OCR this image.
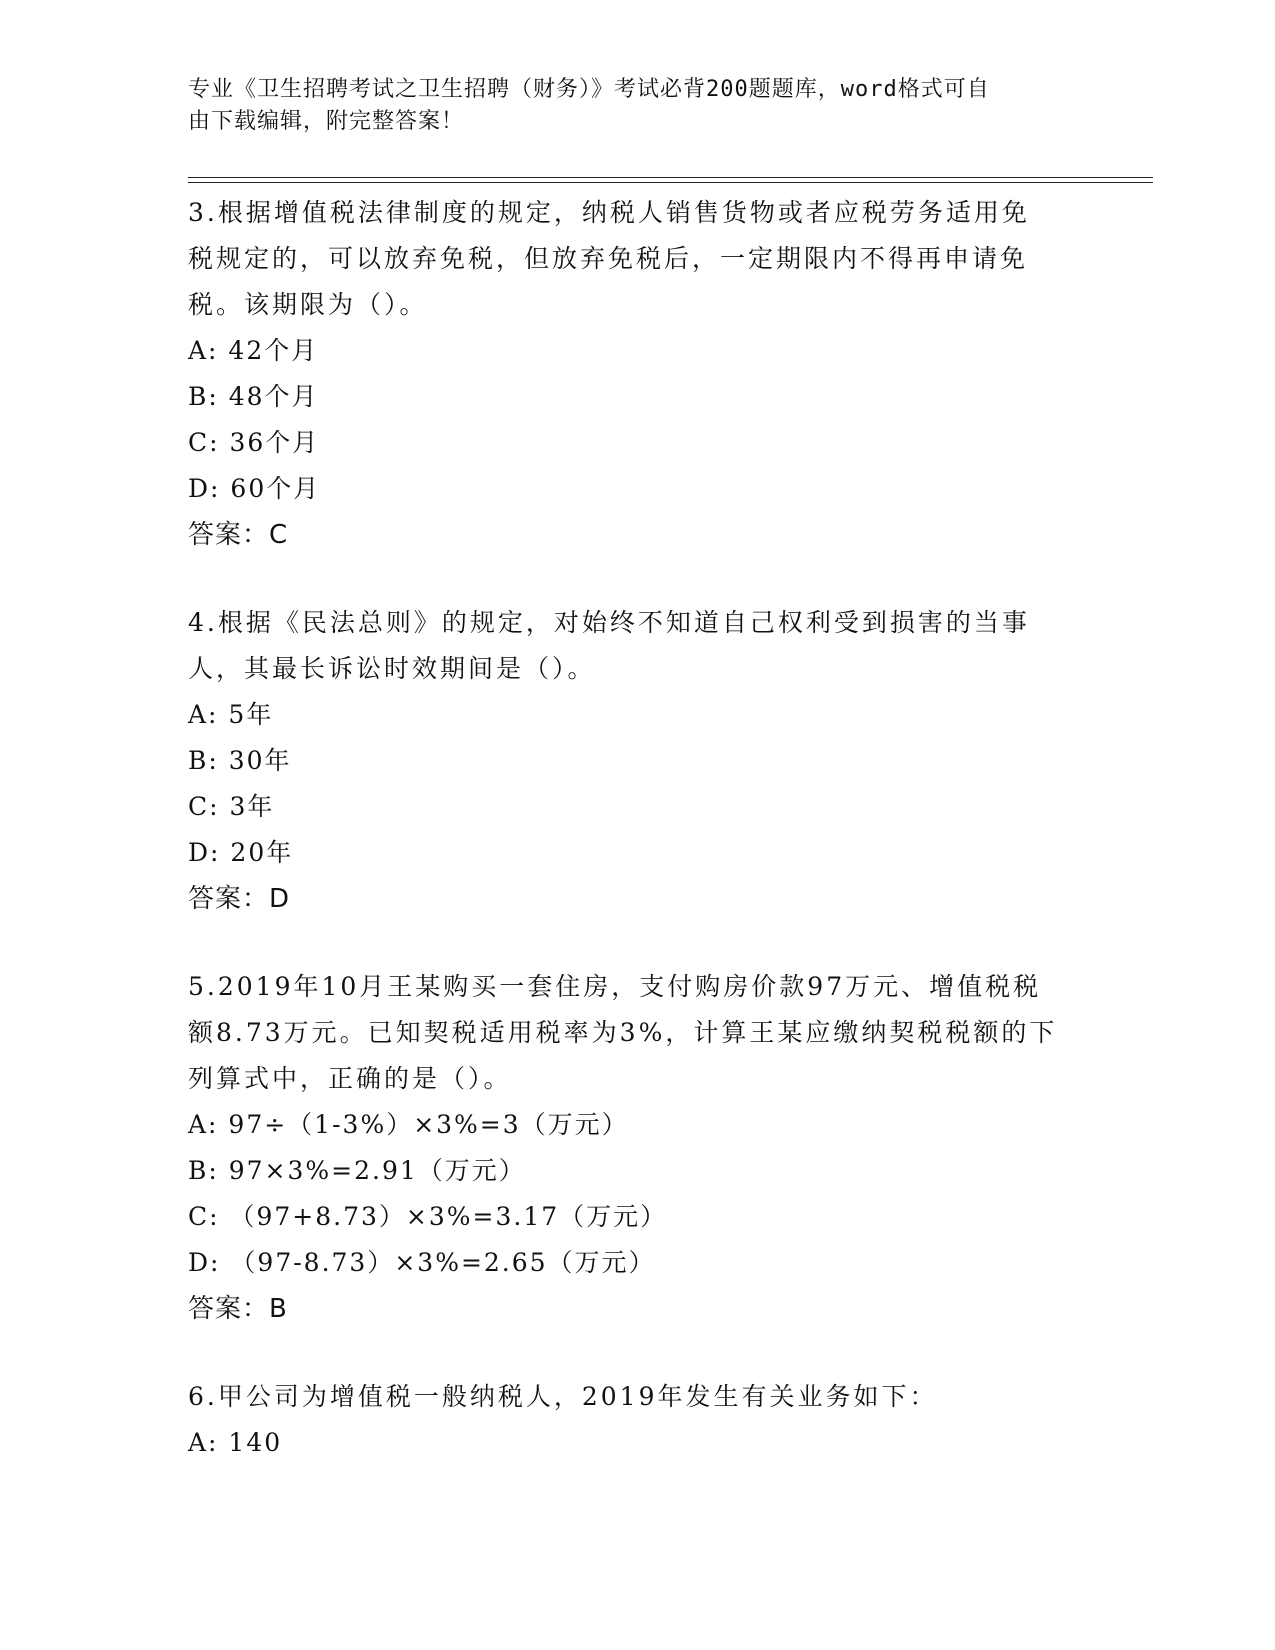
专业《卫生招聘考试之卫生招聘（财务）》考试必背200题题库，word格式可自
由下载编辑，附完整答案！

3.根据增值税法律制度的规定，纳税人销售货物或者应税劳务适用免

税规定的，可以放弃免税，但放弃免税后，一定期限内不得再申请免

税。该期限为（）。

A: 42个月

B: 48个月

C: 36个月

D: 60个月

答案：C

4.根据《民法总则》的规定，对始终不知道自己权利受到损害的当事

人，其最长诉讼时效期间是（）。

A: 5年

B: 30年

C: 3年

D: 20年

答案：D

5.2019年10月王某购买一套住房，支付购房价款97万元、增值税税

额8.73万元。已知契税适用税率为3%，计算王某应缴纳契税税额的下

列算式中，正确的是（）。

A: 97÷（1-3%）×3%=3（万元）

B: 97×3%=2.91（万元）

C: （97+8.73）×3%=3.17（万元）

D: （97-8.73）×3%=2.65（万元）

答案：B

6.甲公司为增值税一般纳税人，2019年发生有关业务如下：

A: 140
